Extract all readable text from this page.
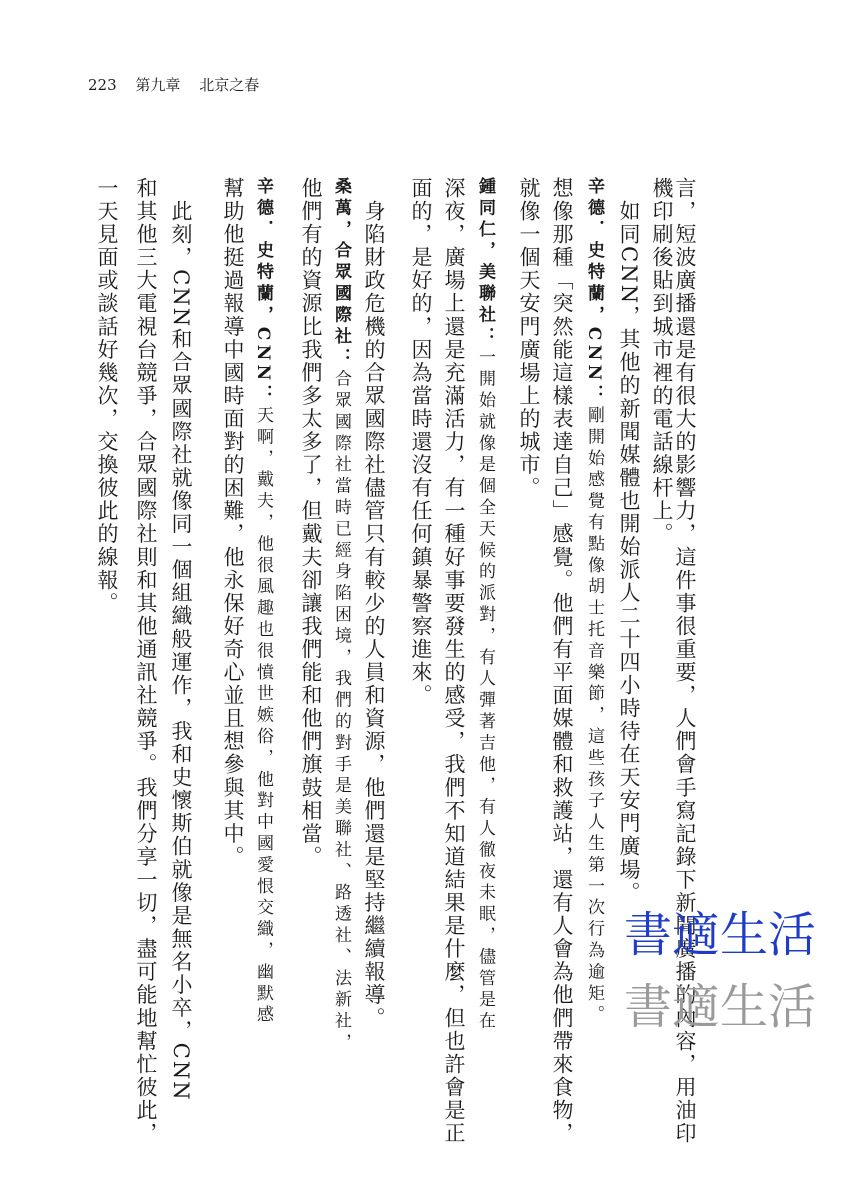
223 第九章 北京之春
言，短波廣播還是有很大的影響力，這件事很重要，人們會手寫記錄下新聞廣播的內容，用油印
機印刷後貼到城市裡的電話線杆上。
　如同CNN，其他的新聞媒體也開始派人二十四小時待在天安門廣場。
辛德．史特蘭，CNN：剛開始感覺有點像胡士托音樂節，這些孩子人生第一次行為逾矩。
想像那種「突然能這樣表達自己」感覺。他們有平面媒體和救護站，還有人會為他們帶來食物，
就像一個天安門廣場上的城市。
鍾同仁，美聯社：一開始就像是個全天候的派對，有人彈著吉他，有人徹夜未眠，儘管是在
深夜，廣場上還是充滿活力，有一種好事要發生的感受，我們不知道結果是什麼，但也許會是正
面的，是好的，因為當時還沒有任何鎮暴警察進來。
　身陷財政危機的合眾國際社儘管只有較少的人員和資源，他們還是堅持繼續報導。
桑萬，合眾國際社：合眾國際社當時已經身陷困境，我們的對手是美聯社、路透社、法新社，
他們有的資源比我們多太多了，但戴夫卻讓我們能和他們旗鼓相當。
辛德．史特蘭，CNN：天啊，戴夫，他很風趣也很憤世嫉俗，他對中國愛恨交織，幽默感
幫助他挺過報導中國時面對的困難，他永保好奇心並且想參與其中。
　此刻，CNN和合眾國際社就像同一個組織般運作，我和史懷斯伯就像是無名小卒，CNN
和其他三大電視台競爭，合眾國際社則和其他通訊社競爭。我們分享一切，盡可能地幫忙彼此，
一天見面或談話好幾次，交換彼此的線報。
書適生活
書適生活
